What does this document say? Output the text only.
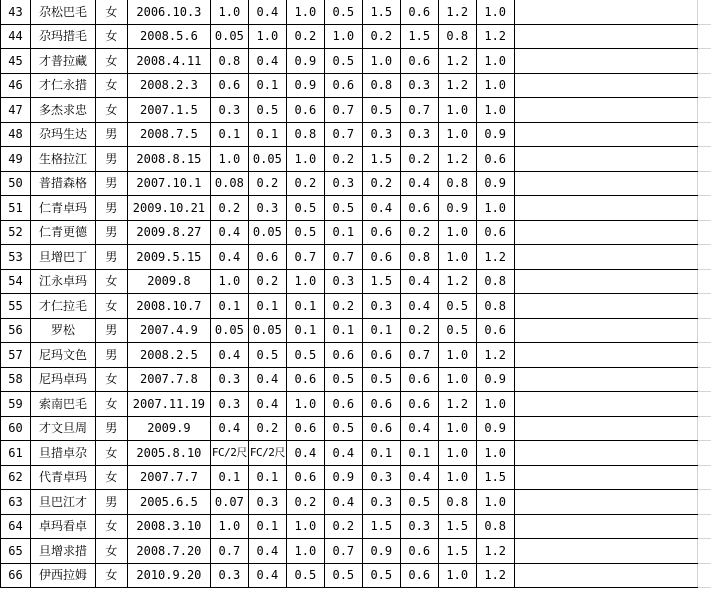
43	尕松巴毛	女	2006.10.3	1.0	0.4	1.0	0.5	1.5	0.6	1.2	1.0		
44	尕玛措毛	女	2008.5.6	0.05	1.0	0.2	1.0	0.2	1.5	0.8	1.2		
45	才普拉藏	女	2008.4.11	0.8	0.4	0.9	0.5	1.0	0.6	1.2	1.0		
46	才仁永措	女	2008.2.3	0.6	0.1	0.9	0.6	0.8	0.3	1.2	1.0		
47	多杰求忠	女	2007.1.5	0.3	0.5	0.6	0.7	0.5	0.7	1.0	1.0		
48	尕玛生达	男	2008.7.5	0.1	0.1	0.8	0.7	0.3	0.3	1.0	0.9		
49	生格拉江	男	2008.8.15	1.0	0.05	1.0	0.2	1.5	0.2	1.2	0.6		
50	普措森格	男	2007.10.1	0.08	0.2	0.2	0.3	0.2	0.4	0.8	0.9		
51	仁青卓玛	男	2009.10.21	0.2	0.3	0.5	0.5	0.4	0.6	0.9	1.0		
52	仁青更德	男	2009.8.27	0.4	0.05	0.5	0.1	0.6	0.2	1.0	0.6		
53	旦增巴丁	男	2009.5.15	0.4	0.6	0.7	0.7	0.6	0.8	1.0	1.2		
54	江永卓玛	女	2009.8	1.0	0.2	1.0	0.3	1.5	0.4	1.2	0.8		
55	才仁拉毛	女	2008.10.7	0.1	0.1	0.1	0.2	0.3	0.4	0.5	0.8		
56	罗松	男	2007.4.9	0.05	0.05	0.1	0.1	0.1	0.2	0.5	0.6		
57	尼玛文色	男	2008.2.5	0.4	0.5	0.5	0.6	0.6	0.7	1.0	1.2		
58	尼玛卓玛	女	2007.7.8	0.3	0.4	0.6	0.5	0.5	0.6	1.0	0.9		
59	索南巴毛	女	2007.11.19	0.3	0.4	1.0	0.6	0.6	0.6	1.2	1.0		
60	才文旦周	男	2009.9	0.4	0.2	0.6	0.5	0.6	0.4	1.0	0.9		
61	旦措卓尕	女	2005.8.10	FC/2尺	FC/2尺	0.4	0.4	0.1	0.1	1.0	1.0		
62	代青卓玛	女	2007.7.7	0.1	0.1	0.6	0.9	0.3	0.4	1.0	1.5		
63	旦巴江才	男	2005.6.5	0.07	0.3	0.2	0.4	0.3	0.5	0.8	1.0		
64	卓玛看卓	女	2008.3.10	1.0	0.1	1.0	0.2	1.5	0.3	1.5	0.8		
65	旦增求措	女	2008.7.20	0.7	0.4	1.0	0.7	0.9	0.6	1.5	1.2		
66	伊西拉姆	女	2010.9.20	0.3	0.4	0.5	0.5	0.5	0.6	1.0	1.2		
